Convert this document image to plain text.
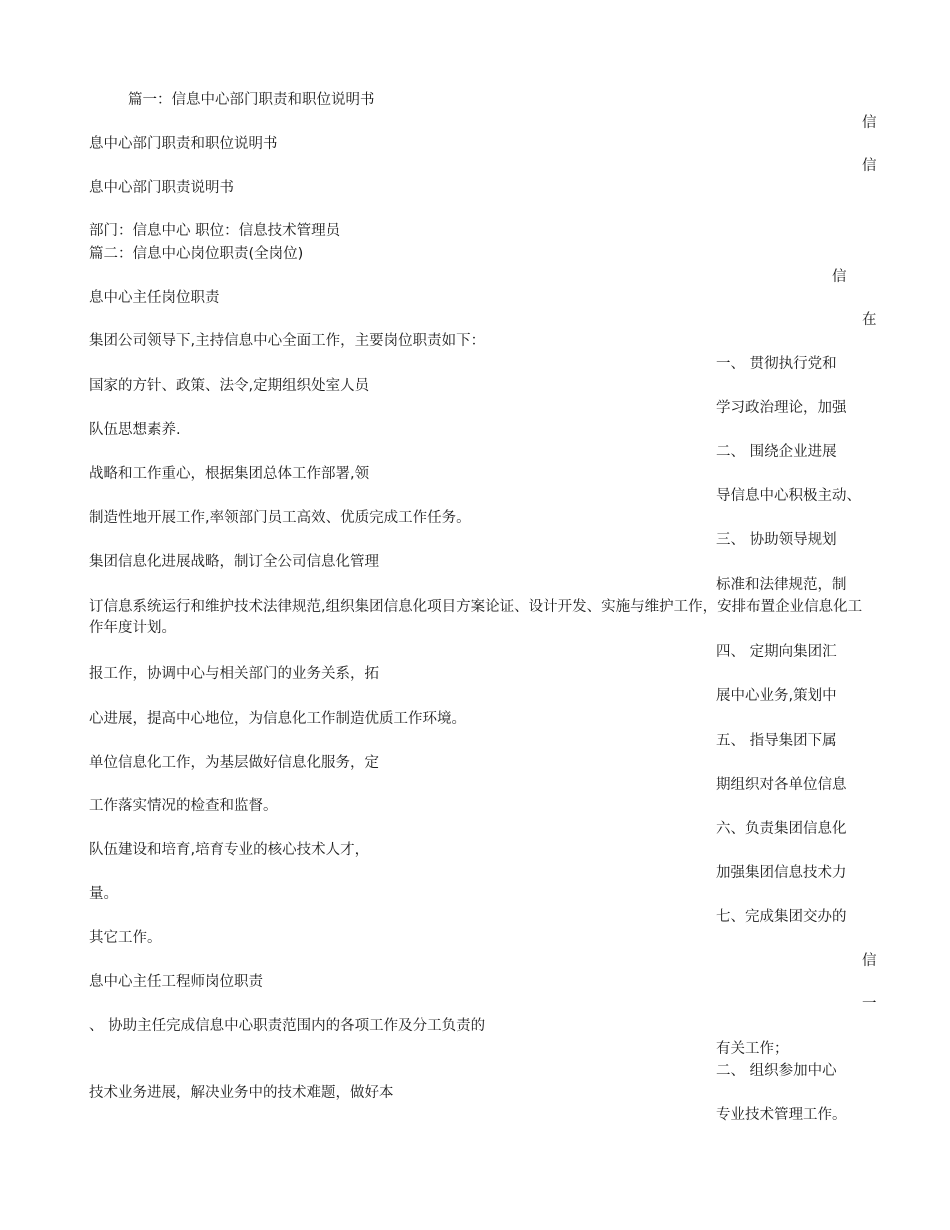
篇一：信息中心部门职责和职位说明书
信
息中心部门职责和职位说明书
信
息中心部门职责说明书
部门：信息中心 职位：信息技术管理员
篇二：信息中心岗位职责(全岗位)
信
息中心主任岗位职责
在
集团公司领导下,主持信息中心全面工作，主要岗位职责如下：
一、 贯彻执行党和
国家的方针、政策、法令,定期组织处室人员
学习政治理论，加强
队伍思想素养.
二、 围绕企业进展
战略和工作重心，根据集团总体工作部署,领
导信息中心积极主动、
制造性地开展工作,率领部门员工高效、优质完成工作任务。
三、 协助领导规划
集团信息化进展战略，制订全公司信息化管理
标准和法律规范，制
订信息系统运行和维护技术法律规范,组织集团信息化项目方案论证、设计开发、实施与维护工作，安排布置企业信息化工作年度计划。
四、 定期向集团汇
报工作，协调中心与相关部门的业务关系，拓
展中心业务,策划中
心进展，提高中心地位，为信息化工作制造优质工作环境。
五、 指导集团下属
单位信息化工作，为基层做好信息化服务，定
期组织对各单位信息
工作落实情况的检查和监督。
六、负责集团信息化
队伍建设和培育,培育专业的核心技术人才，
加强集团信息技术力
量。
七、完成集团交办的
其它工作。
信
息中心主任工程师岗位职责
一
、 协助主任完成信息中心职责范围内的各项工作及分工负责的
有关工作；
二、 组织参加中心
技术业务进展，解决业务中的技术难题，做好本
专业技术管理工作。
